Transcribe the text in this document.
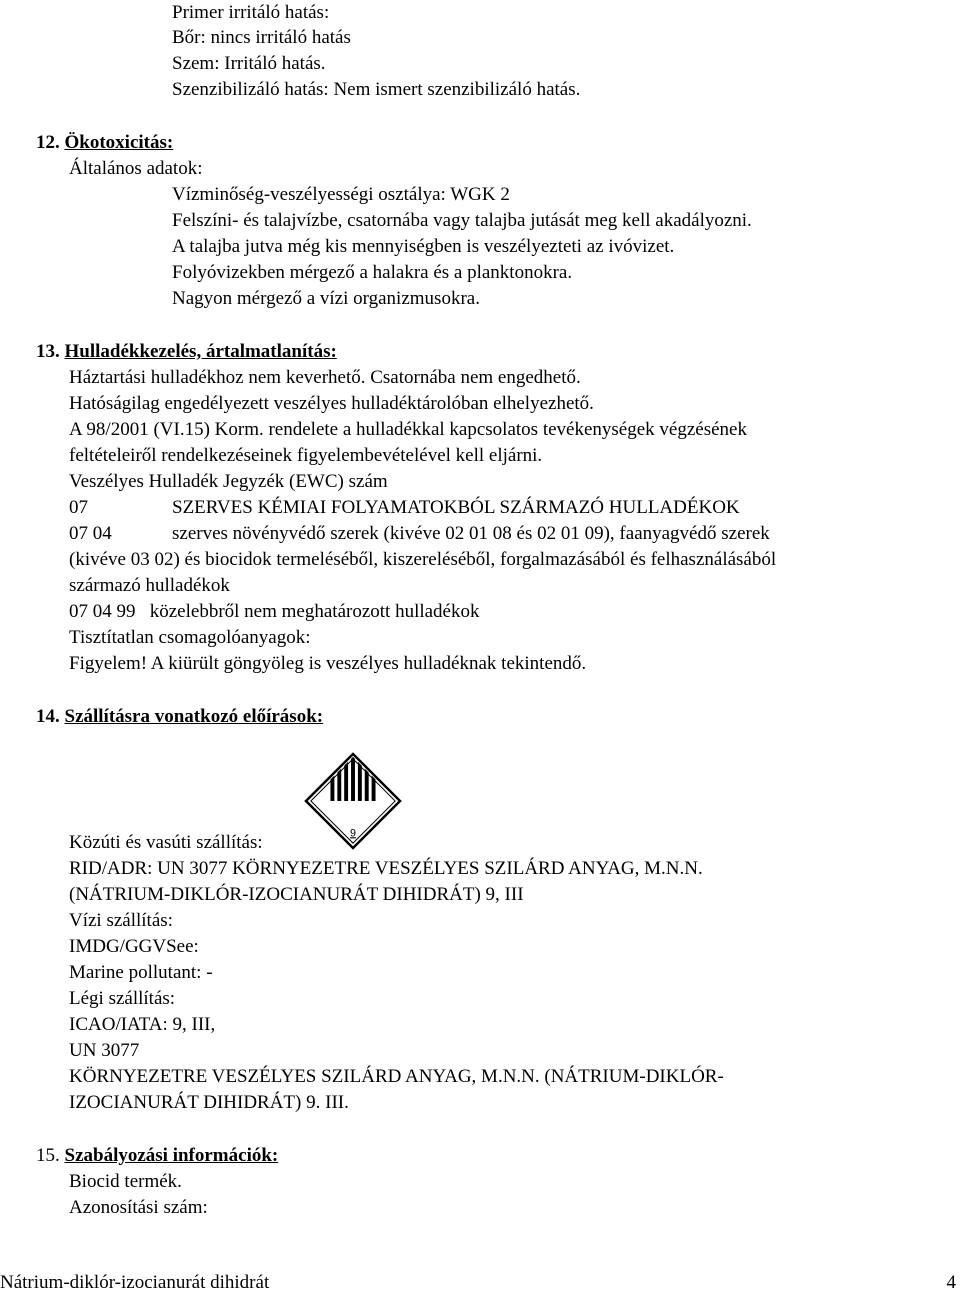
Primer irritáló hatás:
Bőr: nincs irritáló hatás
Szem: Irritáló hatás.
Szenzibilizáló hatás: Nem ismert szenzibilizáló hatás.
12. Ökotoxicitás:
Általános adatok:
Vízminőség-veszélyességi osztálya: WGK 2
Felszíni- és talajvízbe, csatornába vagy talajba jutását meg kell akadályozni.
A talajba jutva még kis mennyiségben is veszélyezteti az ivóvizet.
Folyóvizekben mérgező a halakra és a planktonokra.
Nagyon mérgező a vízi organizmusokra.
13. Hulladékkezelés, ártalmatlanítás:
Háztartási hulladékhoz nem keverhető. Csatornába nem engedhető.
Hatóságilag engedélyezett veszélyes hulladéktárolóban elhelyezhető.
A 98/2001 (VI.15) Korm. rendelete a hulladékkal kapcsolatos tevékenységek végzésének
feltételeiről rendelkezéseinek figyelembevételével kell eljárni.
Veszélyes Hulladék Jegyzék (EWC) szám
07	SZERVES KÉMIAI FOLYAMATOKBÓL SZÁRMAZÓ HULLADÉKOK
07 04	szerves növényvédő szerek (kivéve 02 01 08 és 02 01 09), faanyagvédő szerek
(kivéve 03 02) és biocidok termeléséből, kiszereléséből, forgalmazásából és felhasználásából
származó hulladékok
07 04 99   közelebbről nem meghatározott hulladékok
Tisztítatlan csomagolóanyagok:
Figyelem! A kiürült göngyöleg is veszélyes hulladéknak tekintendő.
14. Szállításra vonatkozó előírások:
9
Közúti és vasúti szállítás:
RID/ADR: UN 3077 KÖRNYEZETRE VESZÉLYES SZILÁRD ANYAG, M.N.N.
(NÁTRIUM-DIKLÓR-IZOCIANURÁT DIHIDRÁT) 9, III
Vízi szállítás:
IMDG/GGVSee:
Marine pollutant: -
Légi szállítás:
ICAO/IATA: 9, III,
UN 3077
KÖRNYEZETRE VESZÉLYES SZILÁRD ANYAG, M.N.N. (NÁTRIUM-DIKLÓR-
IZOCIANURÁT DIHIDRÁT) 9. III.
15. Szabályozási információk:
Biocid termék.
Azonosítási szám:
Nátrium-diklór-izocianurát dihidrát	4
